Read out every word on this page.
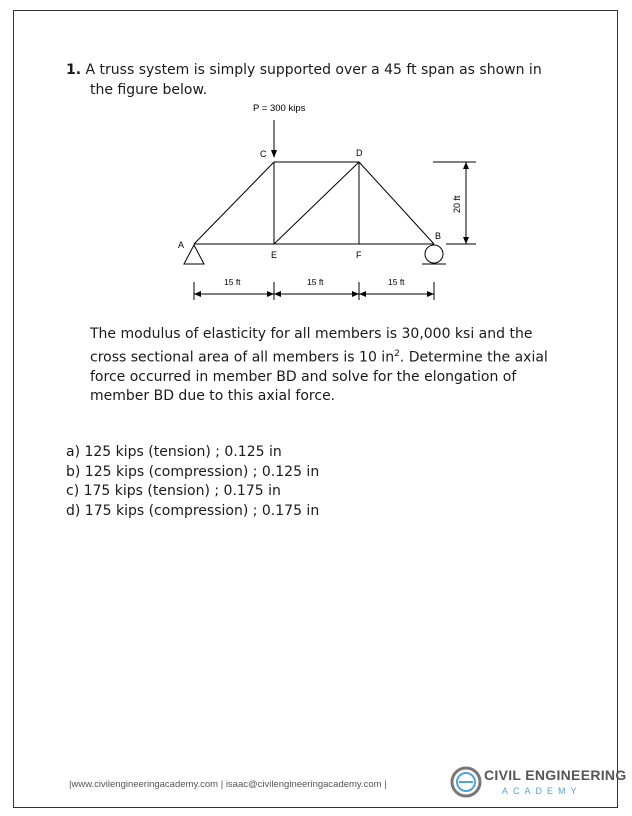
1. A truss system is simply supported over a 45 ft span as shown in
the figure below.
P = 300 kips
A
B
C	D
E	F
20 ft
15 ft	15 ft	15 ft

The modulus of elasticity for all members is 30,000 ksi and the

cross sectional area of all members is 10 $in^2$. Determine the axial

force occurred in member BD and solve for the elongation of

member BD due to this axial force.

a) 125 kips (tension) ; 0.125 in
b) 125 kips (compression) ; 0.125 in
c) 175 kips (tension) ; 0.175 in
d) 175 kips (compression) ; 0.175 in
|www.civilengineeringacademy.com | isaac@civilengineeringacademy.com |
CIVIL ENGINEERING
ACADEMY
